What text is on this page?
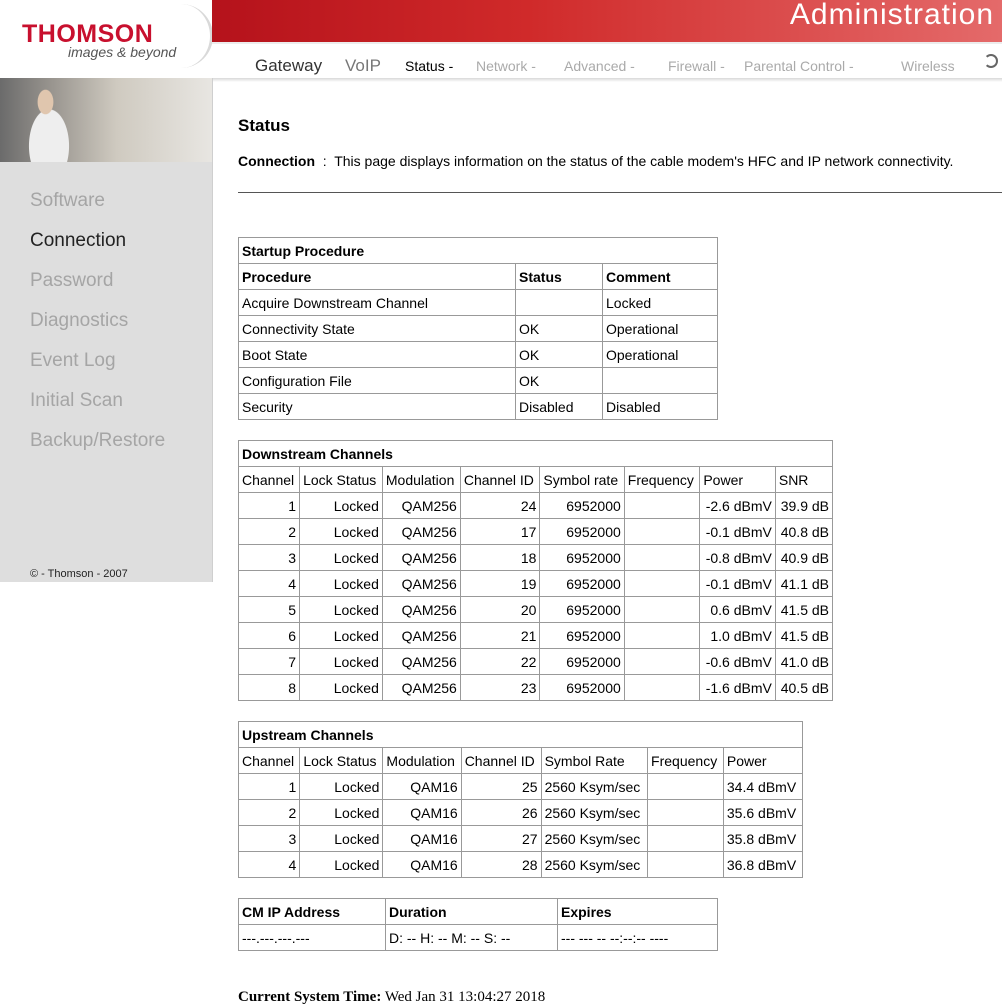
THOMSON
images & beyond
Administration
Gateway VoIP Status - Network - Advanced - Firewall - Parental Control -	Wireless
Software
Connection
Password
Diagnostics
Event Log
Initial Scan
Backup/Restore
© - Thomson - 2007
Status
Connection : This page displays information on the status of the cable modem's HFC and IP network connectivity.
Startup Procedure		
Procedure	Status	Comment
Acquire Downstream Channel		Locked
Connectivity State	OK	Operational
Boot State	OK	Operational
Configuration File	OK	
Security	Disabled	Disabled
Downstream Channels							
Channel	Lock Status	Modulation	Channel ID	Symbol rate	Frequency	Power	SNR
1	Locked	QAM256	24	6952000		-2.6 dBmV	39.9 dB
2	Locked	QAM256	17	6952000		-0.1 dBmV	40.8 dB
3	Locked	QAM256	18	6952000		-0.8 dBmV	40.9 dB
4	Locked	QAM256	19	6952000		-0.1 dBmV	41.1 dB
5	Locked	QAM256	20	6952000		0.6 dBmV	41.5 dB
6	Locked	QAM256	21	6952000		1.0 dBmV	41.5 dB
7	Locked	QAM256	22	6952000		-0.6 dBmV	41.0 dB
8	Locked	QAM256	23	6952000		-1.6 dBmV	40.5 dB
Upstream Channels						
Channel	Lock Status	Modulation	Channel ID	Symbol Rate	Frequency	Power
1	Locked	QAM16	25	2560 Ksym/sec		34.4 dBmV
2	Locked	QAM16	26	2560 Ksym/sec		35.6 dBmV
3	Locked	QAM16	27	2560 Ksym/sec		35.8 dBmV
4	Locked	QAM16	28	2560 Ksym/sec		36.8 dBmV
CM IP Address	Duration	Expires
---.---.---.---	D: -- H: -- M: -- S: --	--- --- -- --:--:-- ----
Current System Time: Wed Jan 31 13:04:27 2018
